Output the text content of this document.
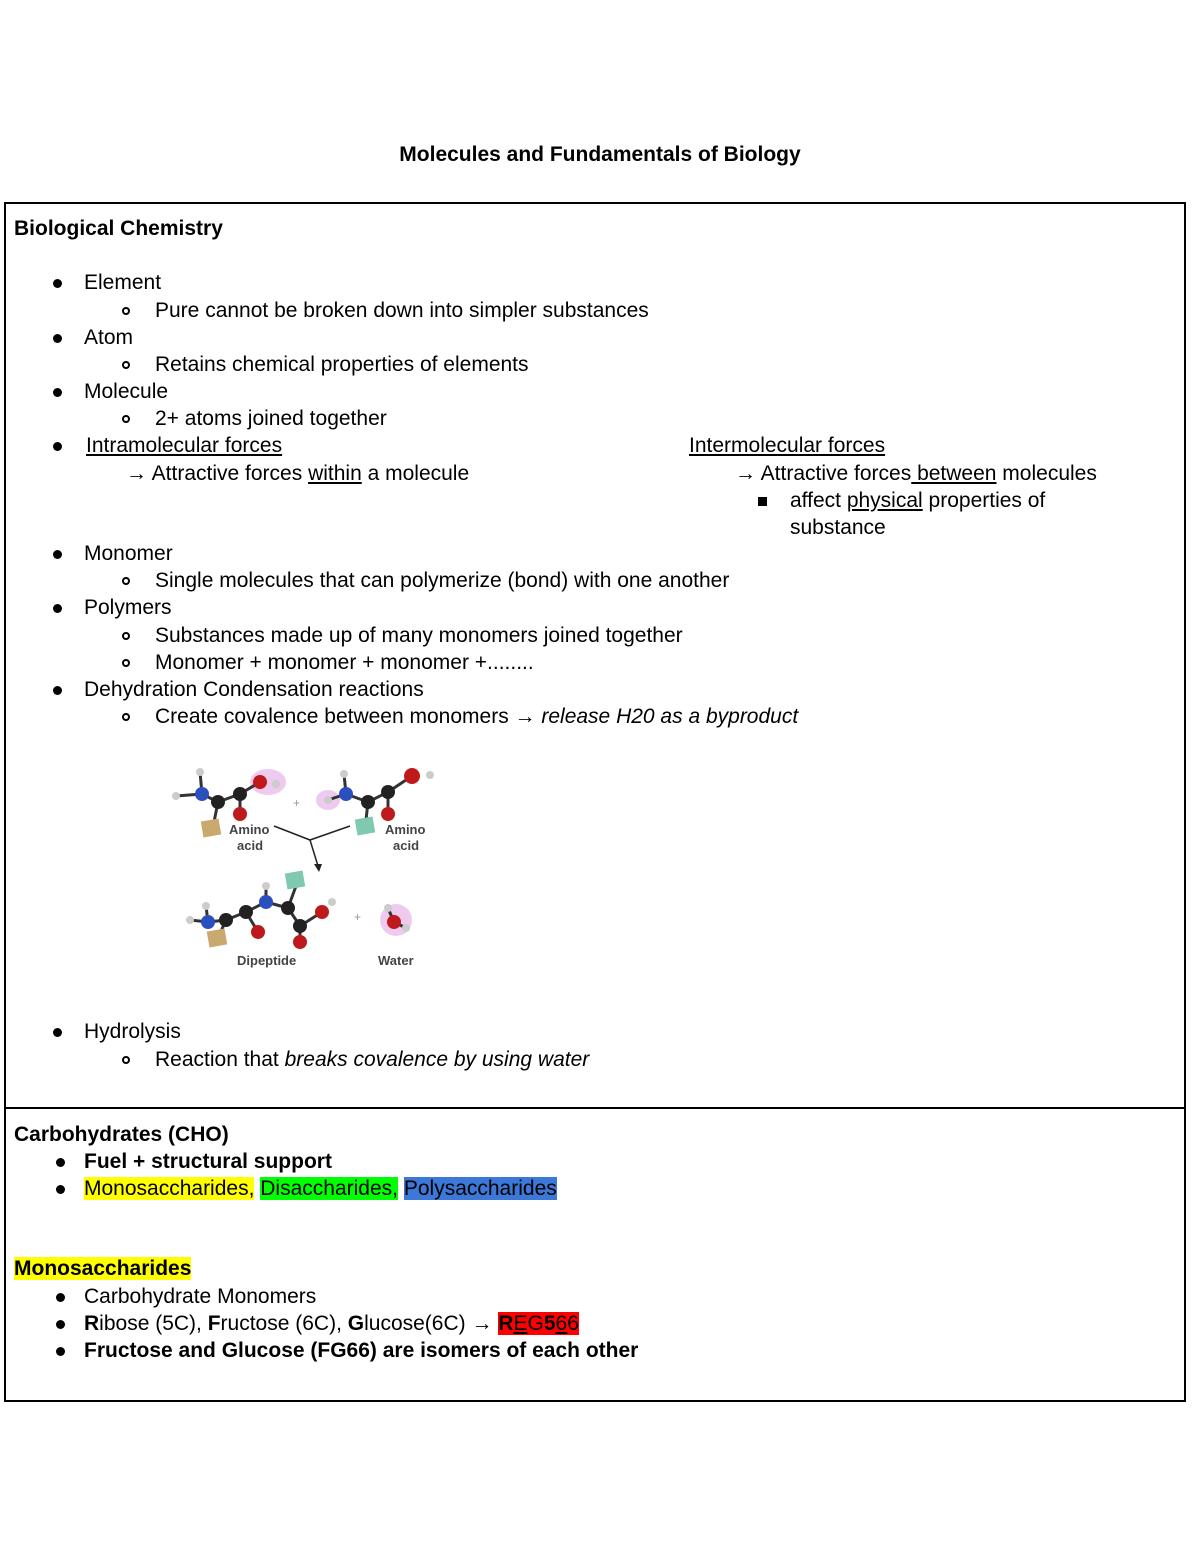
Molecules and Fundamentals of Biology
Biological Chemistry
Element
Pure cannot be broken down into simpler substances
Atom
Retains chemical properties of elements
Molecule
2+ atoms joined together
Intramolecular forces
→ Attractive forces within a molecule
Intermolecular forces
→ Attractive forces between molecules
affect physical properties of
substance
Monomer
Single molecules that can polymerize (bond) with one another
Polymers
Substances made up of many monomers joined together
Monomer + monomer + monomer +........
Dehydration Condensation reactions
Create covalence between monomers → release H20 as a byproduct
Amino
acid
+
Amino
acid
Dipeptide
+
Water
Hydrolysis
Reaction that breaks covalence by using water
Carbohydrates (CHO)
Fuel + structural support
Monosaccharides, Disaccharides, Polysaccharides
Monosaccharides
Carbohydrate Monomers
Ribose (5C), Fructose (6C), Glucose(6C) → REG566
Fructose and Glucose (FG66) are isomers of each other
